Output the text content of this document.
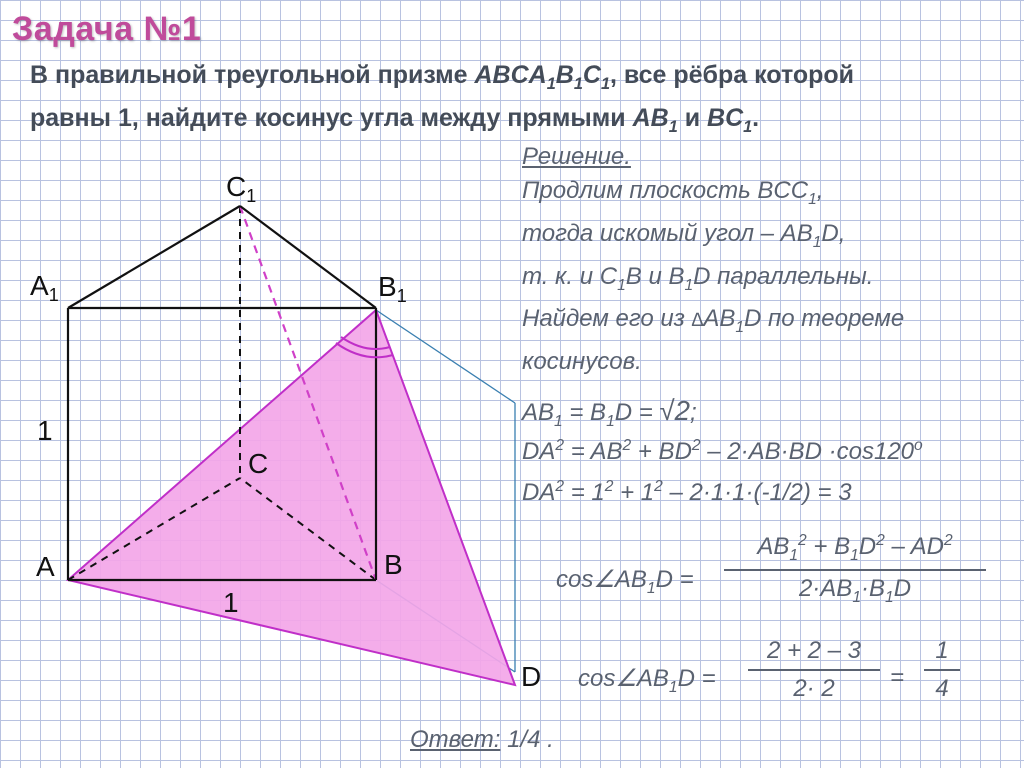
Задача №1
В правильной треугольной призме $ABCA_1B_1C_1$, все рёбра которой
равны 1, найдите косинус угла между прямыми $AB_1$ и $BC_1$.
$C_1$
$A_1$	$B_1$
C
A	B
D
1
1
Решение.
Продлим плоскость $BCC_1$,
тогда искомый угол – $AB_1D$,
т. к. и $C_1B$ и $B_1D$ параллельны.
Найдем его из $\Delta AB_1D$ по теореме
косинусов.
$AB_1 = B_1D = √2$;
$DA^2 = AB^2 + BD^2 - 2\cdot AB\cdot BD \cdot\cos 120^o$
$DA^2 = 1^2 + 1^2 - 2\cdot 1\cdot 1\cdot(-1/2) = 3$
$\cos\angle AB_1D$ =
$AB_1^2 + B_1D^2 - AD^2$
$2\cdot AB_1\cdot B_1D$
$\cos\angle AB_1D$ =
2 + 2 – 3
2· 2	=
1
4
Ответ: 1/4 .
